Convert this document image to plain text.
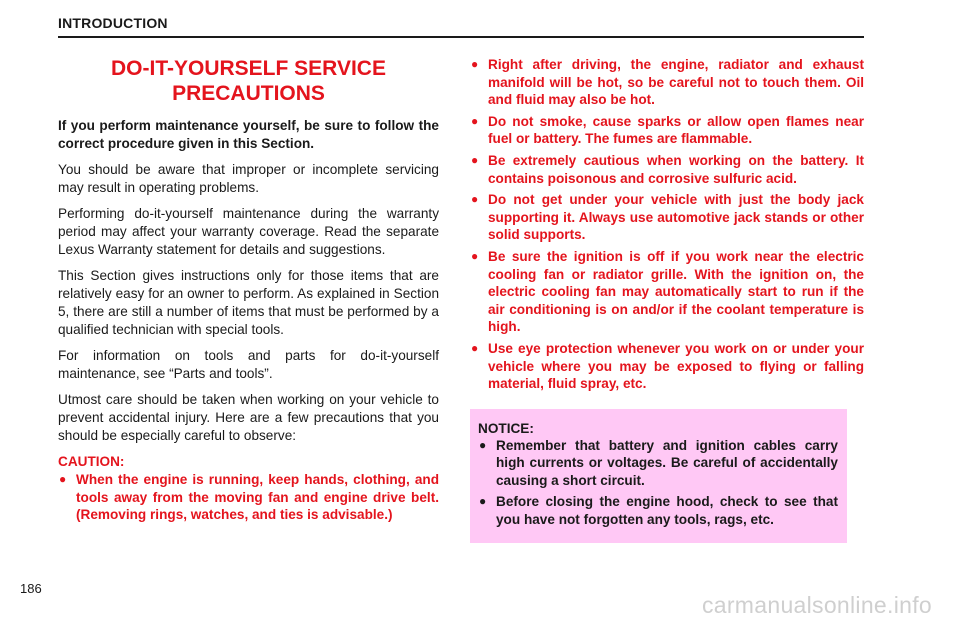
INTRODUCTION
DO-IT-YOURSELF SERVICE
PRECAUTIONS

If you perform maintenance yourself, be sure to follow the correct procedure given in this Section.

You should be aware that improper or incomplete servicing may result in operating problems.

Performing do-it-yourself maintenance during the warranty period may affect your warranty coverage. Read the separate Lexus Warranty statement for details and suggestions.

This Section gives instructions only for those items that are relatively easy for an owner to perform. As explained in Section 5, there are still a number of items that must be performed by a qualified technician with special tools.

For information on tools and parts for do-it-yourself maintenance, see “Parts and tools”.

Utmost care should be taken when working on your vehicle to prevent accidental injury. Here are a few precautions that you should be especially careful to observe:

CAUTION:
● When the engine is running, keep hands, clothing, and tools away from the moving fan and engine drive belt. (Removing rings, watches, and ties is advisable.)
● Right after driving, the engine, radiator and exhaust manifold will be hot, so be careful not to touch them. Oil and fluid may also be hot.
● Do not smoke, cause sparks or allow open flames near fuel or battery. The fumes are flammable.
● Be extremely cautious when working on the battery. It contains poisonous and corrosive sulfuric acid.
● Do not get under your vehicle with just the body jack supporting it. Always use automotive jack stands or other solid supports.
● Be sure the ignition is off if you work near the electric cooling fan or radiator grille. With the ignition on, the electric cooling fan may automatically start to run if the air conditioning is on and/or if the coolant temperature is high.
● Use eye protection whenever you work on or under your vehicle where you may be exposed to flying or falling material, fluid spray, etc.
NOTICE:
● Remember that battery and ignition cables carry high currents or voltages. Be careful of accidentally causing a short circuit.
● Before closing the engine hood, check to see that you have not forgotten any tools, rags, etc.
186
carmanualsonline.info
